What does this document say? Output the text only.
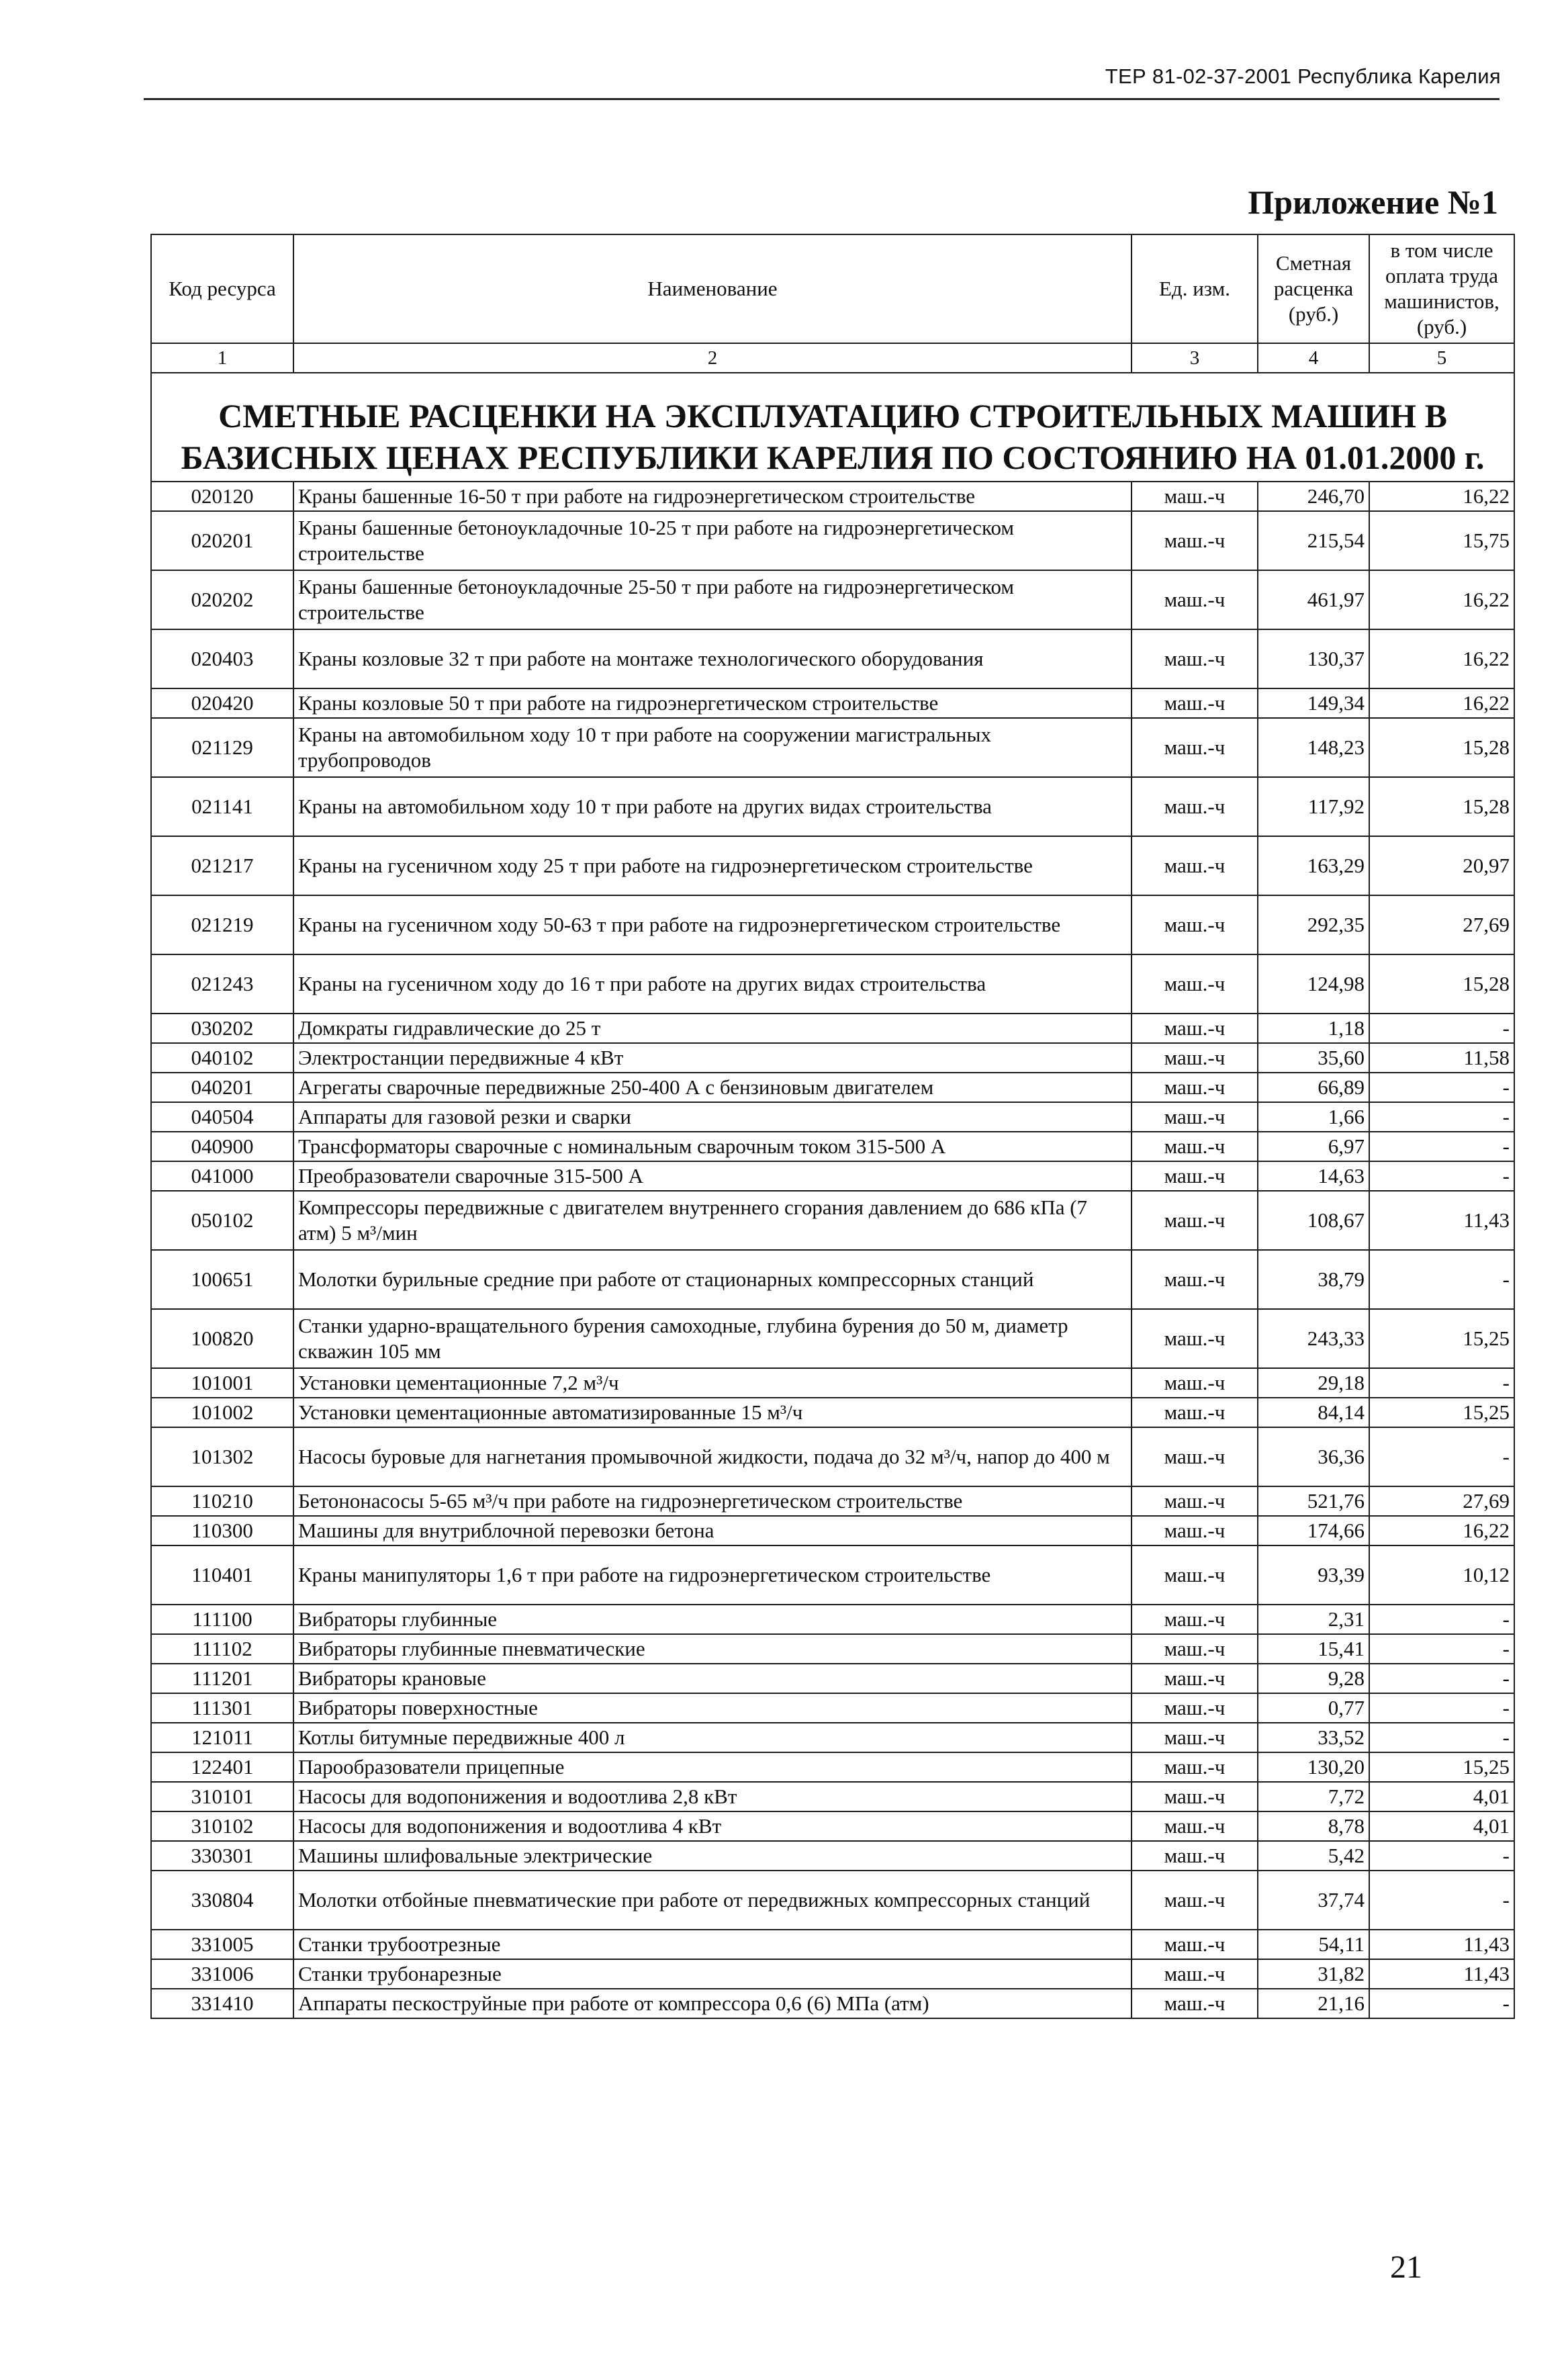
ТЕР 81-02-37-2001 Республика Карелия
Приложение №1
Код ресурса	Наименование	Ед. изм.	Сметная расценка (руб.)	в том числе оплата труда машинистов, (руб.)
1	2	3	4	5
СМЕТНЫЕ РАСЦЕНКИ НА ЭКСПЛУАТАЦИЮ СТРОИТЕЛЬНЫХ МАШИН В БАЗИСНЫХ ЦЕНАХ РЕСПУБЛИКИ КАРЕЛИЯ ПО СОСТОЯНИЮ НА 01.01.2000 г.				
020120	Краны башенные 16-50 т при работе на гидроэнергетическом строительстве	маш.-ч	246,70	16,22
020201	Краны башенные бетоноукладочные 10-25 т при работе на гидроэнергетическом строительстве	маш.-ч	215,54	15,75
020202	Краны башенные бетоноукладочные 25-50 т при работе на гидроэнергетическом строительстве	маш.-ч	461,97	16,22
020403	Краны козловые 32 т при работе на монтаже технологического оборудования	маш.-ч	130,37	16,22
020420	Краны козловые 50 т при работе на гидроэнергетическом строительстве	маш.-ч	149,34	16,22
021129	Краны на автомобильном ходу 10 т при работе на сооружении магистральных трубопроводов	маш.-ч	148,23	15,28
021141	Краны на автомобильном ходу 10 т при работе на других видах строительства	маш.-ч	117,92	15,28
021217	Краны на гусеничном ходу 25 т при работе на гидроэнергетическом строительстве	маш.-ч	163,29	20,97
021219	Краны на гусеничном ходу 50-63 т при работе на гидроэнергетическом строительстве	маш.-ч	292,35	27,69
021243	Краны на гусеничном ходу до 16 т при работе на других видах строительства	маш.-ч	124,98	15,28
030202	Домкраты гидравлические до 25 т	маш.-ч	1,18	-
040102	Электростанции передвижные 4 кВт	маш.-ч	35,60	11,58
040201	Агрегаты сварочные передвижные 250-400 А с бензиновым двигателем	маш.-ч	66,89	-
040504	Аппараты для газовой резки и сварки	маш.-ч	1,66	-
040900	Трансформаторы сварочные с номинальным сварочным током 315-500 А	маш.-ч	6,97	-
041000	Преобразователи сварочные 315-500 А	маш.-ч	14,63	-
050102	Компрессоры передвижные с двигателем внутреннего сгорания давлением до 686 кПа (7 атм) 5 м³/мин	маш.-ч	108,67	11,43
100651	Молотки бурильные средние при работе от стационарных компрессорных станций	маш.-ч	38,79	-
100820	Станки ударно-вращательного бурения самоходные, глубина бурения до 50 м, диаметр скважин 105 мм	маш.-ч	243,33	15,25
101001	Установки цементационные 7,2 м³/ч	маш.-ч	29,18	-
101002	Установки цементационные автоматизированные 15 м³/ч	маш.-ч	84,14	15,25
101302	Насосы буровые для нагнетания промывочной жидкости, подача до 32 м³/ч, напор до 400 м	маш.-ч	36,36	-
110210	Бетононасосы 5-65 м³/ч при работе на гидроэнергетическом строительстве	маш.-ч	521,76	27,69
110300	Машины для внутриблочной перевозки бетона	маш.-ч	174,66	16,22
110401	Краны манипуляторы 1,6 т при работе на гидроэнергетическом строительстве	маш.-ч	93,39	10,12
111100	Вибраторы глубинные	маш.-ч	2,31	-
111102	Вибраторы глубинные пневматические	маш.-ч	15,41	-
111201	Вибраторы крановые	маш.-ч	9,28	-
111301	Вибраторы поверхностные	маш.-ч	0,77	-
121011	Котлы битумные передвижные 400 л	маш.-ч	33,52	-
122401	Парообразователи прицепные	маш.-ч	130,20	15,25
310101	Насосы для водопонижения и водоотлива 2,8 кВт	маш.-ч	7,72	4,01
310102	Насосы для водопонижения и водоотлива 4 кВт	маш.-ч	8,78	4,01
330301	Машины шлифовальные электрические	маш.-ч	5,42	-
330804	Молотки отбойные пневматические при работе от передвижных компрессорных станций	маш.-ч	37,74	-
331005	Станки трубоотрезные	маш.-ч	54,11	11,43
331006	Станки трубонарезные	маш.-ч	31,82	11,43
331410	Аппараты пескоструйные при работе от компрессора 0,6 (6) МПа (атм)	маш.-ч	21,16	-
21
